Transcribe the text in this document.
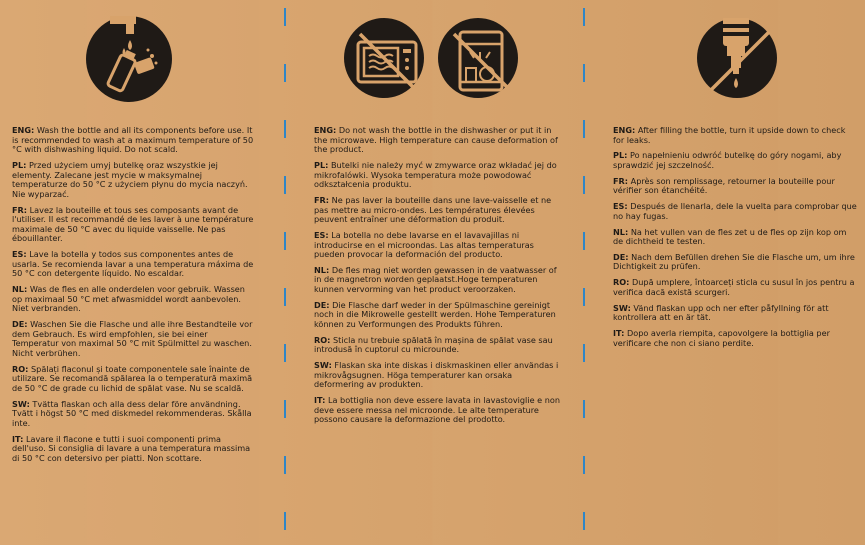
ENG: Wash the bottle and all its components before use. It is recommended to wash at a maximum temperature of 50 °C with dishwashing liquid. Do not scald.

PL: Przed użyciem umyj butelkę oraz wszystkie jej elementy. Zalecane jest mycie w maksymalnej temperaturze do 50 °C z użyciem płynu do mycia naczyń. Nie wyparzać.

FR: Lavez la bouteille et tous ses composants avant de l'utiliser. Il est recommandé de les laver à une température maximale de 50 °C avec du liquide vaisselle. Ne pas ébouillanter.

ES: Lave la botella y todos sus componentes antes de usarla. Se recomienda lavar a una temperatura máxima de 50 °C con detergente líquido. No escaldar.

NL: Was de fles en alle onderdelen voor gebruik. Wassen op maximaal 50 °C met afwasmiddel wordt aanbevolen. Niet verbranden.

DE: Waschen Sie die Flasche und alle ihre Bestandteile vor dem Gebrauch. Es wird empfohlen, sie bei einer Temperatur von maximal 50 °C mit Spülmittel zu waschen. Nicht verbrühen.

RO: Spălați flaconul și toate componentele sale înainte de utilizare. Se recomandă spălarea la o temperatură maximă de 50 °C de grade cu lichid de spălat vase. Nu se scaldă.

SW: Tvätta flaskan och alla dess delar före användning. Tvätt i högst 50 °C med diskmedel rekommenderas. Skålla inte.

IT: Lavare il flacone e tutti i suoi componenti prima dell'uso. Si consiglia di lavare a una temperatura massima di 50 °C con detersivo per piatti. Non scottare.

ENG: Do not wash the bottle in the dishwasher or put it in the microwave. High temperature can cause deformation of the product.

PL: Butelki nie należy myć w zmywarce oraz wkładać jej do mikrofalówki. Wysoka temperatura może powodować odkształcenia produktu.

FR: Ne pas laver la bouteille dans une lave-vaisselle et ne pas mettre au micro-ondes. Les températures élevées peuvent entraîner une déformation du produit.

ES: La botella no debe lavarse en el lavavajillas ni introducirse en el microondas. Las altas temperaturas pueden provocar la deformación del producto.

NL: De fles mag niet worden gewassen in de vaatwasser of in de magnetron worden geplaatst.Hoge temperaturen kunnen vervorming van het product veroorzaken.

DE: Die Flasche darf weder in der Spülmaschine gereinigt noch in die Mikrowelle gestellt werden. Hohe Temperaturen können zu Verformungen des Produkts führen.

RO: Sticla nu trebuie spălată în mașina de spălat vase sau introdusă în cuptorul cu microunde.

SW: Flaskan ska inte diskas i diskmaskinen eller användas i mikrovågsugnen. Höga temperaturer kan orsaka deformering av produkten.

IT: La bottiglia non deve essere lavata in lavastoviglie e non deve essere messa nel microonde. Le alte temperature possono causare la deformazione del prodotto.

ENG: After filling the bottle, turn it upside down to check for leaks.

PL: Po napełnieniu odwróć butelkę do góry nogami, aby sprawdzić jej szczelność.

FR: Après son remplissage, retourner la bouteille pour vérifier son étanchéité.

ES: Después de llenarla, dele la vuelta para comprobar que no hay fugas.

NL: Na het vullen van de fles zet u de fles op zijn kop om de dichtheid te testen.

DE: Nach dem Befüllen drehen Sie die Flasche um, um ihre Dichtigkeit zu prüfen.

RO: După umplere, întoarceți sticla cu susul în jos pentru a verifica dacă există scurgeri.

SW: Vänd flaskan upp och ner efter påfyllning för att kontrollera att en är tät.

IT: Dopo averla riempita, capovolgere la bottiglia per verificare che non ci siano perdite.
